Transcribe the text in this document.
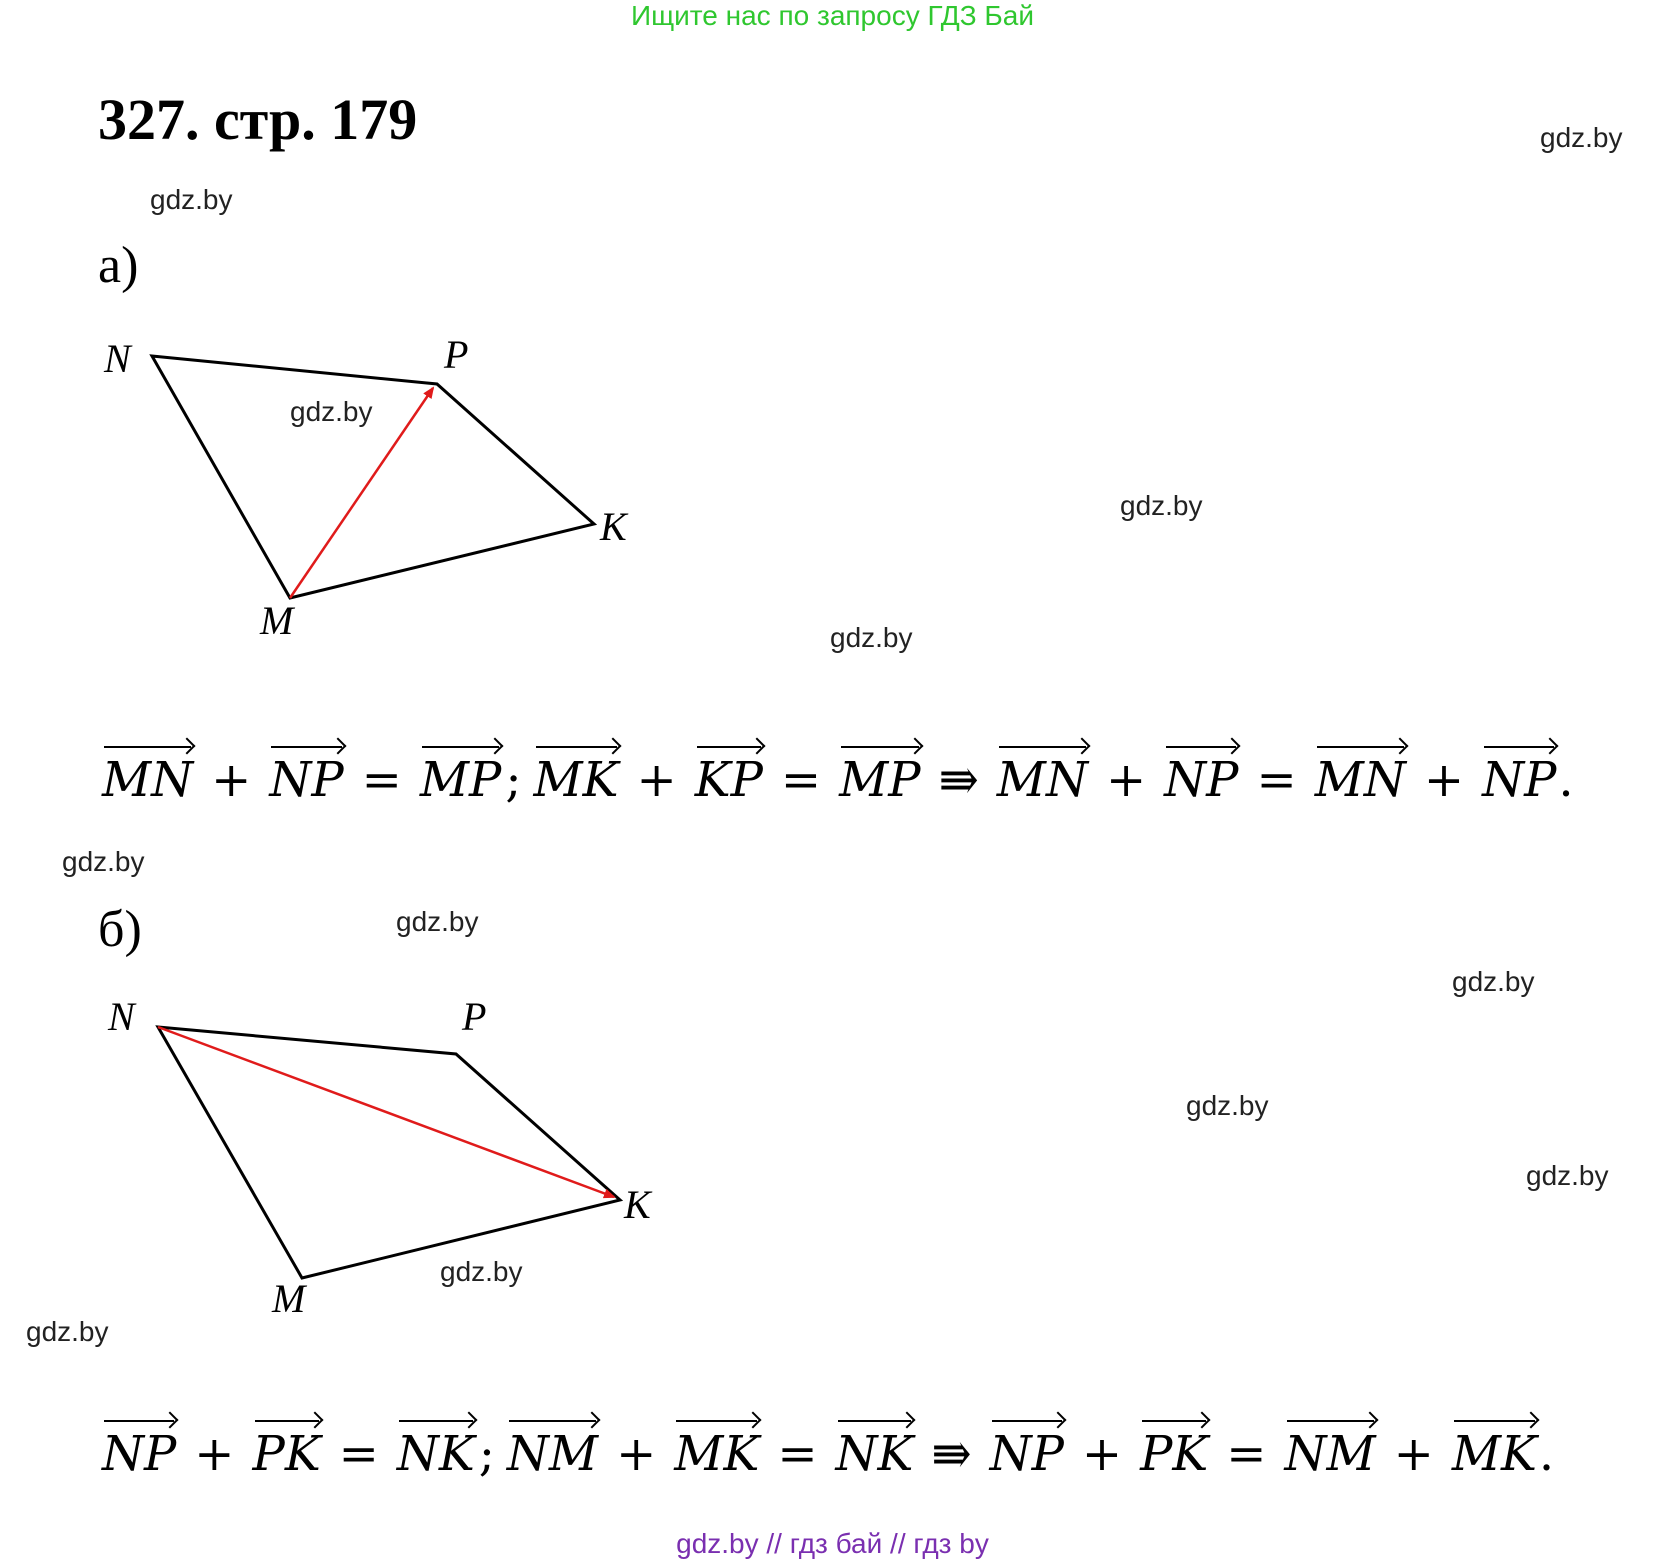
Ищите нас по запросу ГДЗ Бай
327. стр. 179
gdz.by
gdz.by
gdz.by
gdz.by
gdz.by
gdz.by
gdz.by
gdz.by
gdz.by
gdz.by
gdz.by
gdz.by
а)
N	P
K
M
MN + NP = MP ; MK + KP = MP ⇛ MN + NP = MN + NP .
б)
N	P
K
M
NP + PK = NK ; NM + MK = NK ⇛ NP + PK = NM + MK .
gdz.by // гдз бай // гдз by
